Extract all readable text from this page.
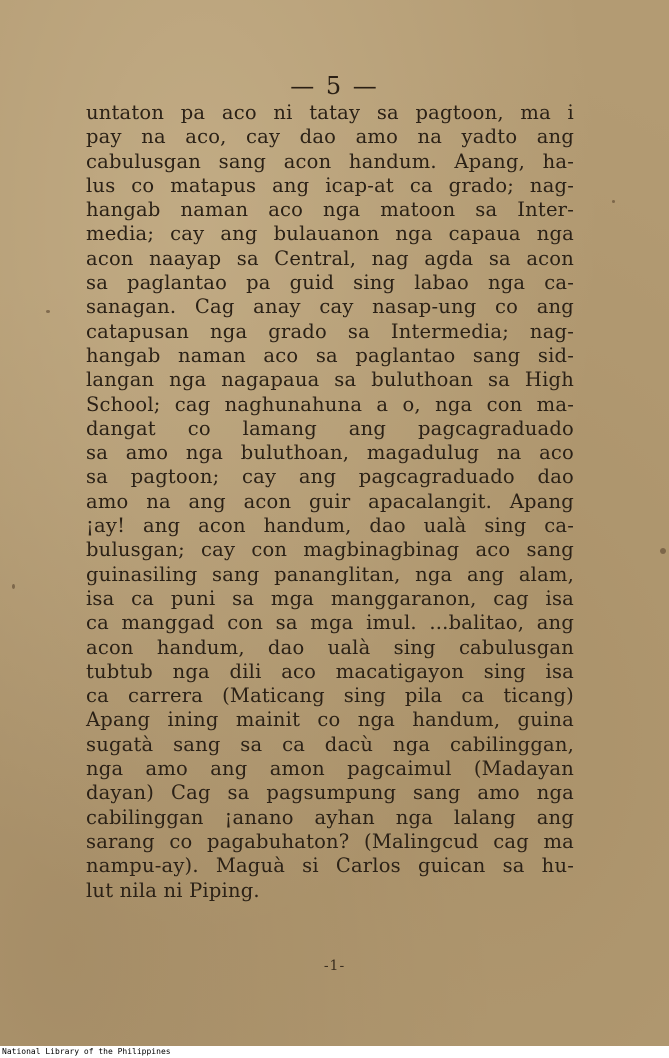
— 5 —
untaton pa aco ni tatay sa pagtoon, ma i
pay na aco, cay dao amo na yadto ang
cabulusgan sang acon handum. Apang, ha-
lus co matapus ang icap-at ca grado; nag-
hangab naman aco nga matoon sa Inter-
media; cay ang bulauanon nga capaua nga
acon naayap sa Central, nag agda sa acon
sa paglantao pa guid sing labao nga ca-
sanagan. Cag anay cay nasap-ung co ang
catapusan nga grado sa Intermedia; nag-
hangab naman aco sa paglantao sang sid-
langan nga nagapaua sa buluthoan sa High
School; cag naghunahuna a o, nga con ma-
dangat co lamang ang pagcagraduado
sa amo nga buluthoan, magadulug na aco
sa pagtoon; cay ang pagcagraduado dao
amo na ang acon guir apacalangit. Apang
¡ay! ang acon handum, dao ualà sing ca-
bulusgan; cay con magbinagbinag aco sang
guinasiling sang pananglitan, nga ang alam,
isa ca puni sa mga manggaranon, cag isa
ca manggad con sa mga imul. ...balitao, ang
acon handum, dao ualà sing cabulusgan
tubtub nga dili aco macatigayon sing isa
ca carrera (Maticang sing pila ca ticang)
Apang ining mainit co nga handum, guina
sugatà sang sa ca dacù nga cabilinggan,
nga amo ang amon pagcaimul (Madayan
dayan) Cag sa pagsumpung sang amo nga
cabilinggan ¡anano ayhan nga lalang ang
sarang co pagabuhaton? (Malingcud cag ma
nampu-ay). Maguà si Carlos guican sa hu-
lut nila ni Piping.
-1-
National Library of the Philippines
